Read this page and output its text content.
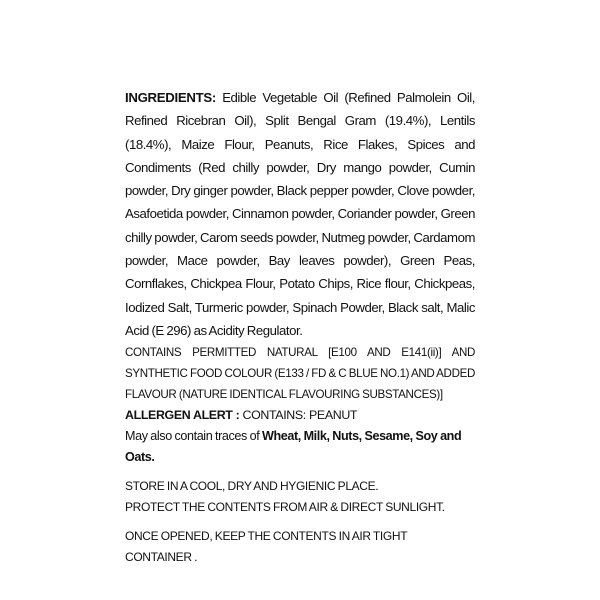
INGREDIENTS: Edible Vegetable Oil (Refined Palmolein Oil, Refined Ricebran Oil), Split Bengal Gram (19.4%), Lentils (18.4%), Maize Flour, Peanuts, Rice Flakes, Spices and Condiments (Red chilly powder, Dry mango powder, Cumin powder, Dry ginger powder, Black pepper powder, Clove powder, Asafoetida powder, Cinnamon powder, Coriander powder, Green chilly powder, Carom seeds powder, Nutmeg powder, Cardamom powder, Mace powder, Bay leaves powder), Green Peas, Cornflakes, Chickpea Flour, Potato Chips, Rice flour, Chickpeas, Iodized Salt, Turmeric powder, Spinach Powder, Black salt, Malic Acid (E 296) as Acidity Regulator.

CONTAINS PERMITTED NATURAL [E100 AND E141(ii)] AND SYNTHETIC FOOD COLOUR (E133 / FD & C BLUE NO.1) AND ADDED FLAVOUR (NATURE IDENTICAL FLAVOURING SUBSTANCES)]

ALLERGEN ALERT : CONTAINS: PEANUT

May also contain traces of Wheat, Milk, Nuts, Sesame, Soy and Oats.

STORE IN A COOL, DRY AND HYGIENIC PLACE.
PROTECT THE CONTENTS FROM AIR & DIRECT SUNLIGHT.

ONCE OPENED, KEEP THE CONTENTS IN AIR TIGHT CONTAINER .
